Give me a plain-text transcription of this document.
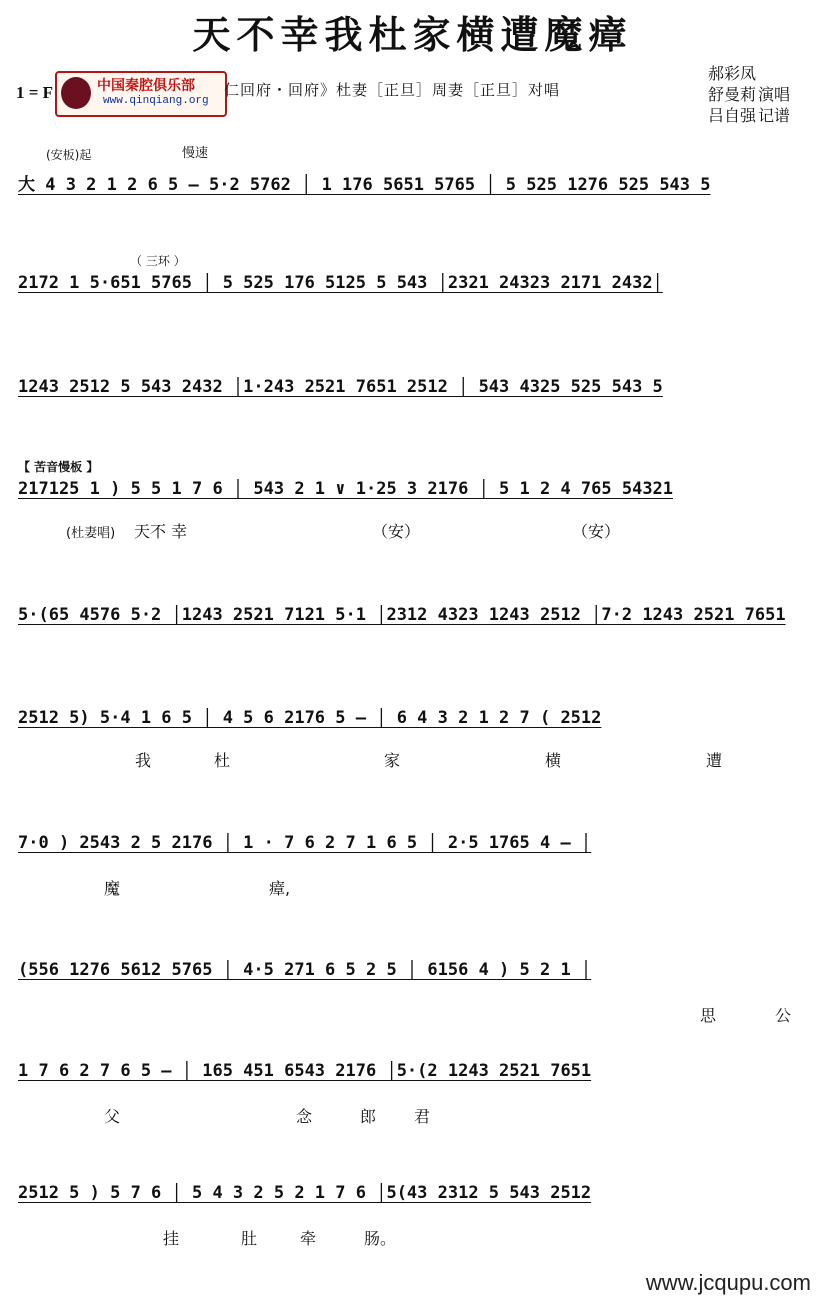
天不幸我杜家横遭魔瘴
1 = F	中国秦腔俱乐部
www.qinqiang.org
仁回府・回府》杜妻［正旦］周妻［正旦］对唱
郝彩凤
舒曼莉 演唱
吕自强 记谱
(安板)起	慢速
（ 三环 ）
【 苦音慢板 】
大 4 3 2 1 2 6 5 — 5·2 5762 │ 1 176 5651 5765 │ 5 525 1276 525 543 5
2172 1 5·651 5765 │ 5 525 176 5125 5 543 │2321 24323 2171 2432│
1243 2512 5 543 2432 │1·243 2521 7651 2512 │ 543 4325 525 543 5
217125 1 ) 5 5 1 7 6 │ 543 2 1 ∨ 1·25 3 2176 │ 5 1 2 4 765 54321
5·(65 4576 5·2 │1243 2521 7121 5·1 │2312 4323 1243 2512 │7·2 1243 2521 7651
2512 5) 5·4 1 6 5 │ 4 5 6 2176 5 — │ 6 4 3 2 1 2 7 ( 2512
7·0 ) 2543 2 5 2176 │ 1 · 7 6 2 7 1 6 5 │ 2·5 1765 4 — │
(556 1276 5612 5765 │ 4·5 271 6 5 2 5 │ 6156 4 ) 5 2 1 │
1 7 6 2 7 6 5 — │ 165 451 6543 2176 │5·(2 1243 2521 7651
2512 5 ) 5 7 6 │ 5 4 3 2 5 2 1 7 6 │5(43 2312 5 543 2512
(杜妻唱) 天不 幸	（安）	（安）
我	杜	家	横	遭
魔	瘴,
思	公
父	念	郎 君
挂	肚	牵	肠。
www.jcqupu.com
